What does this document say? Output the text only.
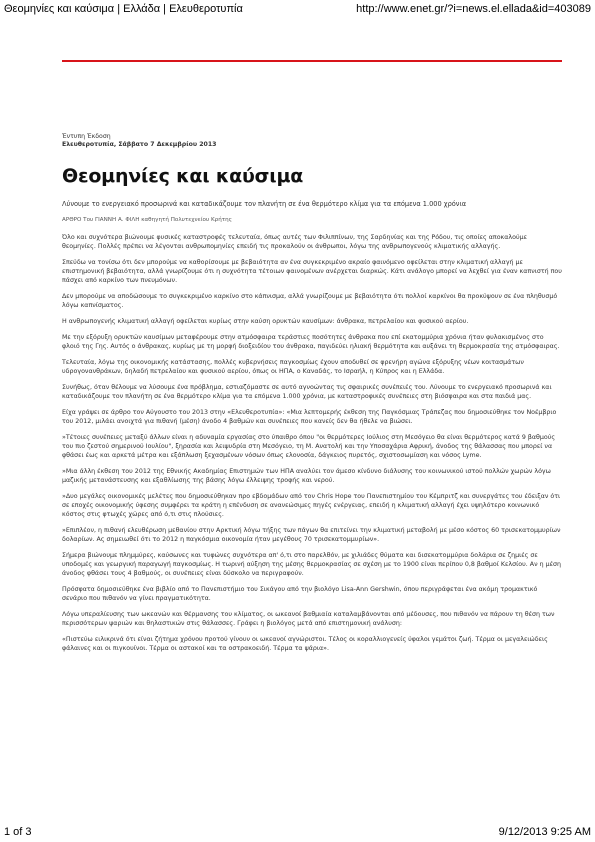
Θεομηνίες και καύσιμα | Ελλάδα | Ελευθεροτυπία	http://www.enet.gr/?i=news.el.ellada&id=403089
Έντυπη Έκδοση
Ελευθεροτυπία, Σάββατο 7 Δεκεμβρίου 2013
Θεομηνίες και καύσιμα
Λύνουμε το ενεργειακό προσωρινά και καταδικάζουμε τον πλανήτη σε ένα θερμότερο κλίμα για τα επόμενα 1.000 χρόνια
ΑΡΘΡΟ Του ΓΙΑΝΝΗ Α. ΦΙΛΗ καθηγητή Πολυτεχνείου Κρήτης

Όλο και συχνότερα βιώνουμε φυσικές καταστροφές τελευταία, όπως αυτές των Φιλιππίνων, της Σαρδηνίας και της Ρόδου, τις οποίες αποκαλούμε θεομηνίες. Πολλές πρέπει να λέγονται ανθρωπομηνίες επειδή τις προκαλούν οι άνθρωποι, λόγω της ανθρωπογενούς κλιματικής αλλαγής.

Σπεύδω να τονίσω ότι δεν μπορούμε να καθορίσουμε με βεβαιότητα αν ένα συγκεκριμένο ακραίο φαινόμενο οφείλεται στην κλιματική αλλαγή με επιστημονική βεβαιότητα, αλλά γνωρίζουμε ότι η συχνότητα τέτοιων φαινομένων ανέρχεται διαρκώς. Κάτι ανάλογο μπορεί να λεχθεί για έναν καπνιστή που πάσχει από καρκίνο των πνευμόνων.

Δεν μπορούμε να αποδώσουμε το συγκεκριμένο καρκίνο στο κάπνισμα, αλλά γνωρίζουμε με βεβαιότητα ότι πολλοί καρκίνοι θα προκύψουν σε ένα πληθυσμό λόγω καπνίσματος.

Η ανθρωπογενής κλιματική αλλαγή οφείλεται κυρίως στην καύση ορυκτών καυσίμων: άνθρακα, πετρελαίου και φυσικού αερίου.

Με την εξόρυξη ορυκτών καυσίμων μεταφέρουμε στην ατμόσφαιρα τεράστιες ποσότητες άνθρακα που επί εκατομμύρια χρόνια ήταν φυλακισμένος στο φλοιό της Γης. Αυτός ο άνθρακας, κυρίως με τη μορφή διοξειδίου του άνθρακα, παγιδεύει ηλιακή θερμότητα και αυξάνει τη θερμοκρασία της ατμόσφαιρας.

Τελευταία, λόγω της οικονομικής κατάστασης, πολλές κυβερνήσεις παγκοσμίως έχουν αποδυθεί σε φρενήρη αγώνα εξόρυξης νέων κοιτασμάτων υδρογονανθράκων, δηλαδή πετρελαίου και φυσικού αερίου, όπως οι ΗΠΑ, ο Καναδάς, το Ισραήλ, η Κύπρος και η Ελλάδα.

Συνήθως, όταν θέλουμε να λύσουμε ένα πρόβλημα, εστιαζόμαστε σε αυτό αγνοώντας τις σφαιρικές συνέπειές του. Λύνουμε το ενεργειακό προσωρινά και καταδικάζουμε τον πλανήτη σε ένα θερμότερο κλίμα για τα επόμενα 1.000 χρόνια, με καταστροφικές συνέπειες στη βιόσφαιρα και στα παιδιά μας.

Είχα γράψει σε άρθρο τον Αύγουστο του 2013 στην «Ελευθεροτυπία»: «Μια λεπτομερής έκθεση της Παγκόσμιας Τράπεζας που δημοσιεύθηκε τον Νοέμβριο του 2012, μιλάει ανοιχτά για πιθανή (μέση) άνοδο 4 βαθμών και συνέπειες που κανείς δεν θα ήθελε να βιώσει.

»Τέτοιες συνέπειες μεταξύ άλλων είναι η αδυναμία εργασίας στο ύπαιθρο όπου "οι θερμότερες Ιούλιος στη Μεσόγειο θα είναι θερμότερος κατά 9 βαθμούς του πιο ζεστού σημερινού Ιουλίου", ξηρασία και λειψυδρία στη Μεσόγειο, τη Μ. Ανατολή και την Υποσαχάρια Αφρική, άνοδος της θάλασσας που μπορεί να φθάσει έως και αρκετά μέτρα και εξάπλωση ξεχασμένων νόσων όπως ελονοσία, δάγκειος πυρετός, σχιστοσωμίαση και νόσος Lyme.

»Μια άλλη έκθεση του 2012 της Εθνικής Ακαδημίας Επιστημών των ΗΠΑ αναλύει τον άμεσο κίνδυνο διάλυσης του κοινωνικού ιστού πολλών χωρών λόγω μαζικής μετανάστευσης και εξαθλίωσης της βάσης λόγω έλλειψης τροφής και νερού.

»Δυο μεγάλες οικονομικές μελέτες που δημοσιεύθηκαν προ εβδομάδων από τον Chris Hope του Πανεπιστημίου του Κέμπριτζ και συνεργάτες του έδειξαν ότι σε εποχές οικονομικής ύφεσης συμφέρει τα κράτη η επένδυση σε ανανεώσιμες πηγές ενέργειας, επειδή η κλιματική αλλαγή έχει υψηλότερο κοινωνικό κόστος στις φτωχές χώρες από ό,τι στις πλούσιες.

»Επιπλέον, η πιθανή ελευθέρωση μεθανίου στην Αρκτική λόγω τήξης των πάγων θα επιτείνει την κλιματική μεταβολή με μέσο κόστος 60 τρισεκατομμυρίων δολαρίων. Ας σημειωθεί ότι το 2012 η παγκόσμια οικονομία ήταν μεγέθους 70 τρισεκατομμυρίων».

Σήμερα βιώνουμε πλημμύρες, καύσωνες και τυφώνες συχνότερα απ' ό,τι στο παρελθόν, με χιλιάδες θύματα και δισεκατομμύρια δολάρια σε ζημιές σε υποδομές και γεωργική παραγωγή παγκοσμίως. Η τωρινή αύξηση της μέσης θερμοκρασίας σε σχέση με το 1900 είναι περίπου 0,8 βαθμοί Κελσίου. Αν η μέση άνοδος φθάσει τους 4 βαθμούς, οι συνέπειες είναι δύσκολο να περιγραφούν.

Πρόσφατα δημοσιεύθηκε ένα βιβλίο από το Πανεπιστήμιο του Σικάγου από την βιολόγο Lisa-Ann Gershwin, όπου περιγράφεται ένα ακόμη τρομακτικό σενάριο που πιθανόν να γίνει πραγματικότητα.

Λόγω υπεραλίευσης των ωκεανών και θέρμανσης του κλίματος, οι ωκεανοί βαθμιαία καταλαμβάνονται από μέδουσες, που πιθανόν να πάρουν τη θέση των περισσότερων ψαριών και θηλαστικών στις θάλασσες. Γράφει η βιολόγος μετά από επιστημονική ανάλυση:

«Πιστεύω ειλικρινά ότι είναι ζήτημα χρόνου προτού γίνουν οι ωκεανοί αγνώριστοι. Τέλος οι κοραλλιογενείς ύφαλοι γεμάτοι ζωή. Τέρμα οι μεγαλειώδεις φάλαινες και οι πιγκουίνοι. Τέρμα οι αστακοί και τα οστρακοειδή. Τέρμα τα ψάρια».

1 of 3	9/12/2013 9:25 AM
